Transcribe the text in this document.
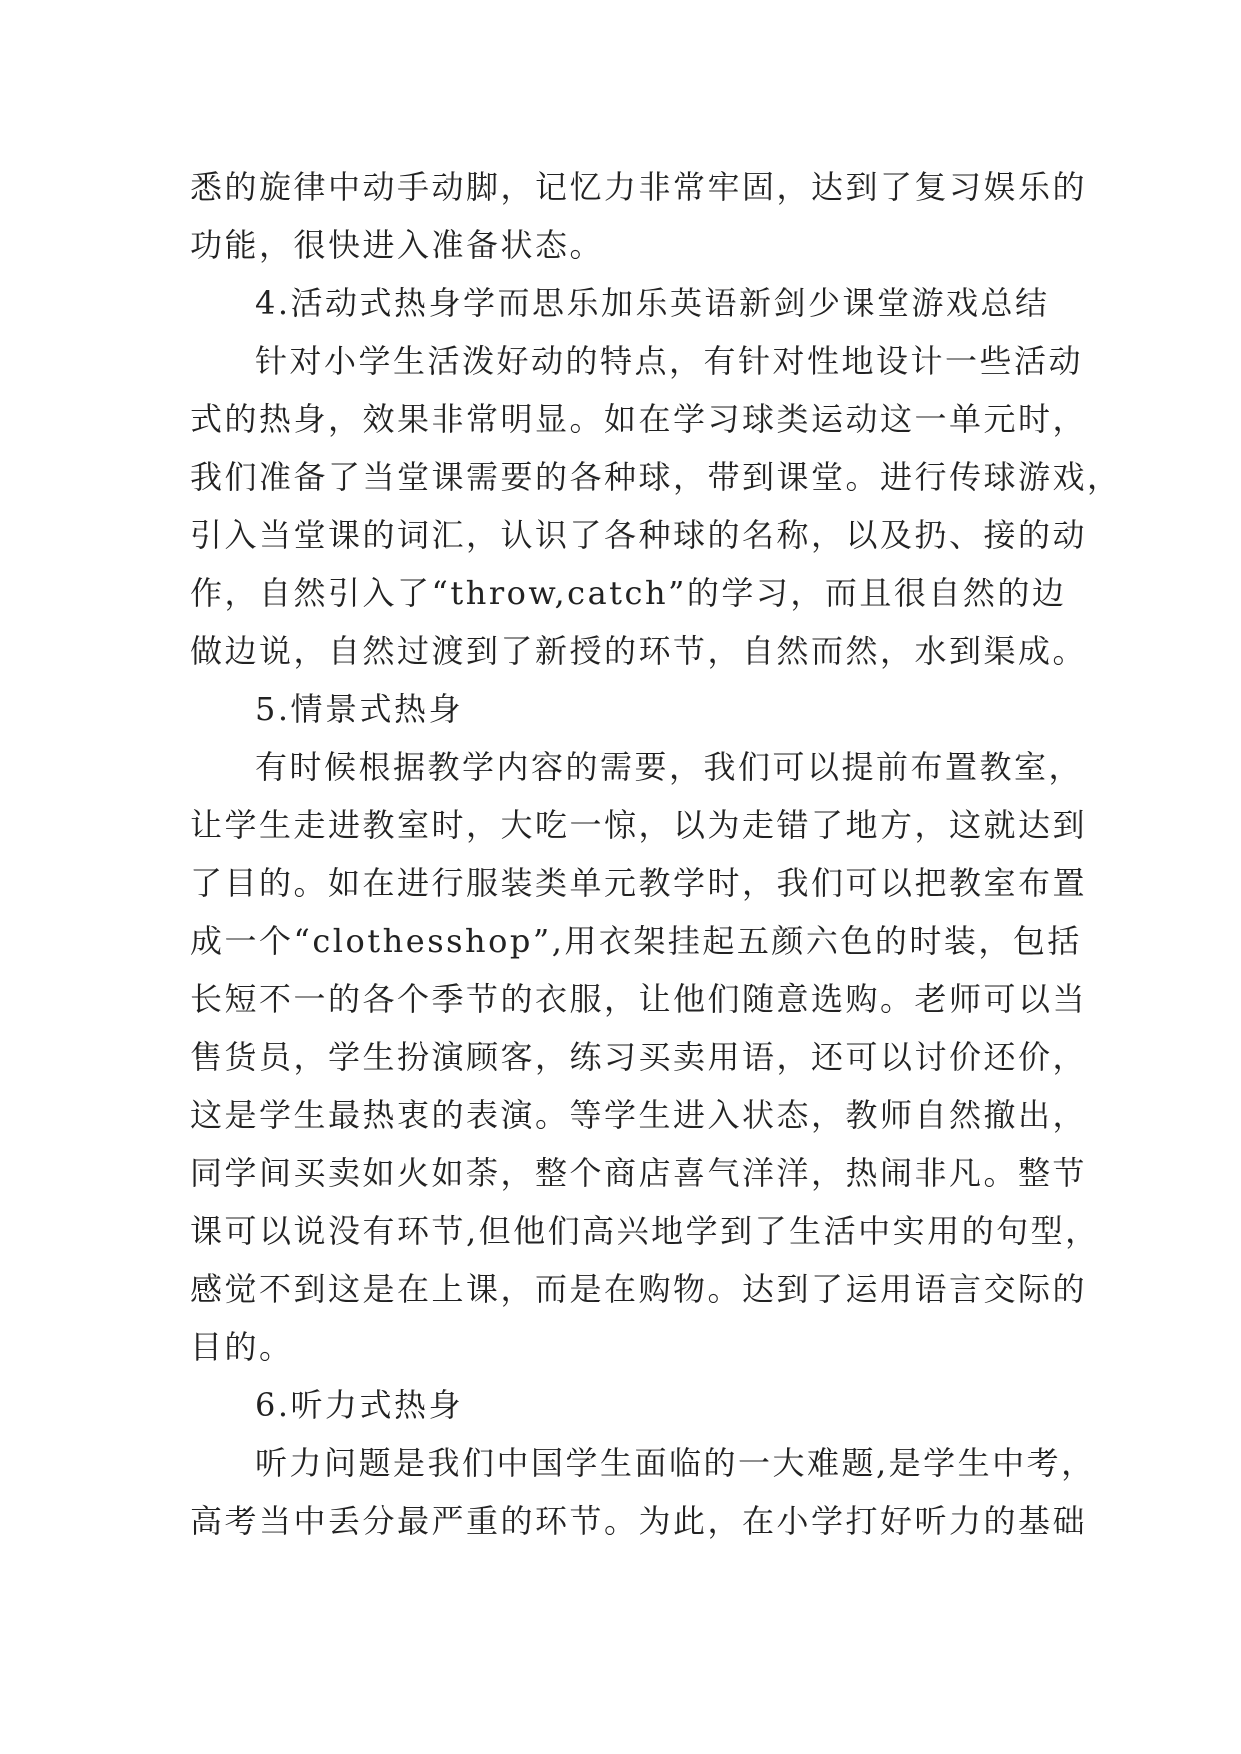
悉的旋律中动手动脚，记忆力非常牢固，达到了复习娱乐的
功能，很快进入准备状态。
4.活动式热身学而思乐加乐英语新剑少课堂游戏总结
针对小学生活泼好动的特点，有针对性地设计一些活动
式的热身，效果非常明显。如在学习球类运动这一单元时，
我们准备了当堂课需要的各种球，带到课堂。进行传球游戏，
引入当堂课的词汇，认识了各种球的名称，以及扔、接的动
作，自然引入了“throw,catch”的学习，而且很自然的边
做边说，自然过渡到了新授的环节，自然而然，水到渠成。
5.情景式热身
有时候根据教学内容的需要，我们可以提前布置教室，
让学生走进教室时，大吃一惊，以为走错了地方，这就达到
了目的。如在进行服装类单元教学时，我们可以把教室布置
成一个“clothesshop”,用衣架挂起五颜六色的时装，包括
长短不一的各个季节的衣服，让他们随意选购。老师可以当
售货员，学生扮演顾客，练习买卖用语，还可以讨价还价，
这是学生最热衷的表演。等学生进入状态，教师自然撤出，
同学间买卖如火如荼，整个商店喜气洋洋，热闹非凡。整节
课可以说没有环节,但他们高兴地学到了生活中实用的句型，
感觉不到这是在上课，而是在购物。达到了运用语言交际的
目的。
6.听力式热身
听力问题是我们中国学生面临的一大难题,是学生中考，
高考当中丢分最严重的环节。为此，在小学打好听力的基础
